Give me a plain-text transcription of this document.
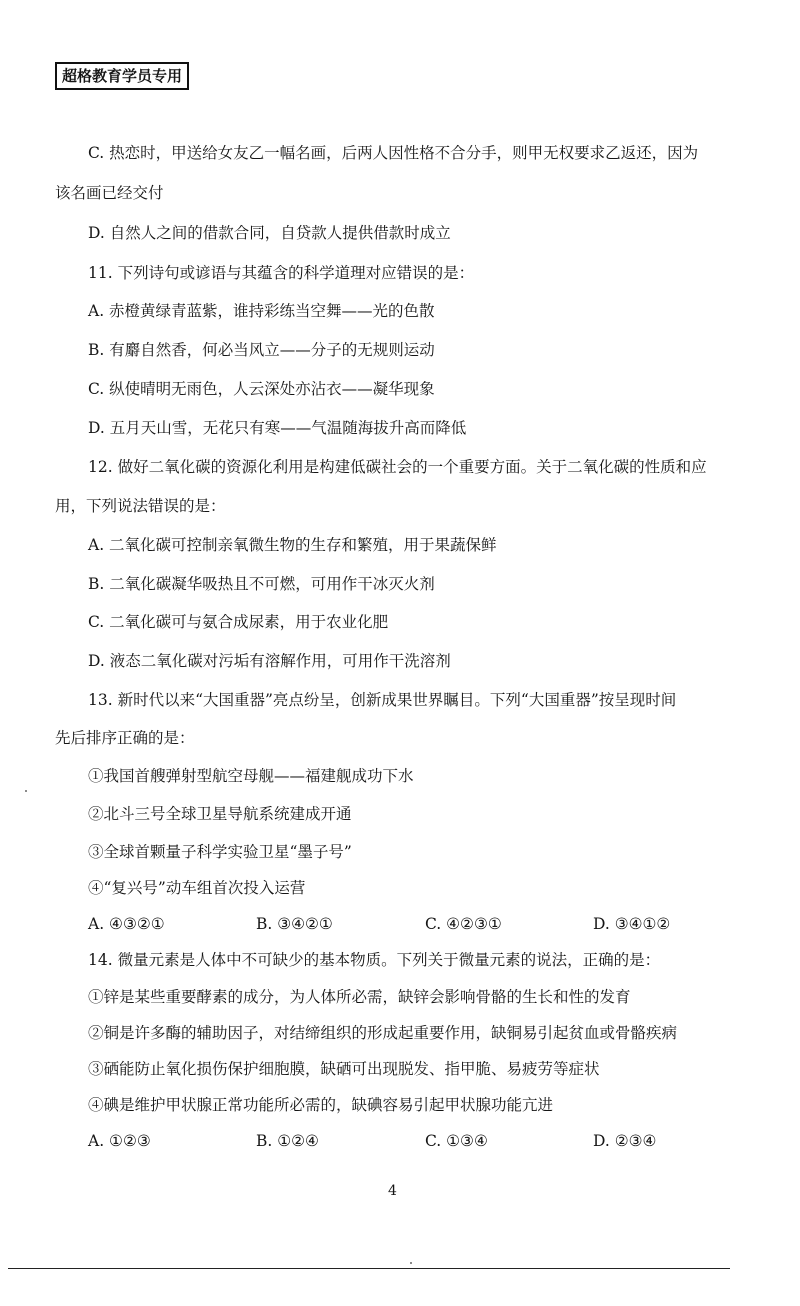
超格教育学员专用
C. 热恋时，甲送给女友乙一幅名画，后两人因性格不合分手，则甲无权要求乙返还，因为
该名画已经交付
D. 自然人之间的借款合同，自贷款人提供借款时成立
11. 下列诗句或谚语与其蕴含的科学道理对应错误的是：
A. 赤橙黄绿青蓝紫，谁持彩练当空舞——光的色散
B. 有麝自然香，何必当风立——分子的无规则运动
C. 纵使晴明无雨色，人云深处亦沾衣——凝华现象
D. 五月天山雪，无花只有寒——气温随海拔升高而降低
12. 做好二氧化碳的资源化利用是构建低碳社会的一个重要方面。关于二氧化碳的性质和应
用，下列说法错误的是：
A. 二氧化碳可控制亲氧微生物的生存和繁殖，用于果蔬保鲜
B. 二氧化碳凝华吸热且不可燃，可用作干冰灭火剂
C. 二氧化碳可与氨合成尿素，用于农业化肥
D. 液态二氧化碳对污垢有溶解作用，可用作干洗溶剂
13. 新时代以来“大国重器”亮点纷呈，创新成果世界瞩目。下列“大国重器”按呈现时间
先后排序正确的是：
①我国首艘弹射型航空母舰——福建舰成功下水
②北斗三号全球卫星导航系统建成开通
③全球首颗量子科学实验卫星“墨子号”
④“复兴号”动车组首次投入运营
A. ④③②①	B. ③④②①	C. ④②③①	D. ③④①②
14. 微量元素是人体中不可缺少的基本物质。下列关于微量元素的说法，正确的是：
①锌是某些重要酵素的成分，为人体所必需，缺锌会影响骨骼的生长和性的发育
②铜是许多酶的辅助因子，对结缔组织的形成起重要作用，缺铜易引起贫血或骨骼疾病
③硒能防止氧化损伤保护细胞膜，缺硒可出现脱发、指甲脆、易疲劳等症状
④碘是维护甲状腺正常功能所必需的，缺碘容易引起甲状腺功能亢进
A. ①②③	B. ①②④	C. ①③④	D. ②③④
4
